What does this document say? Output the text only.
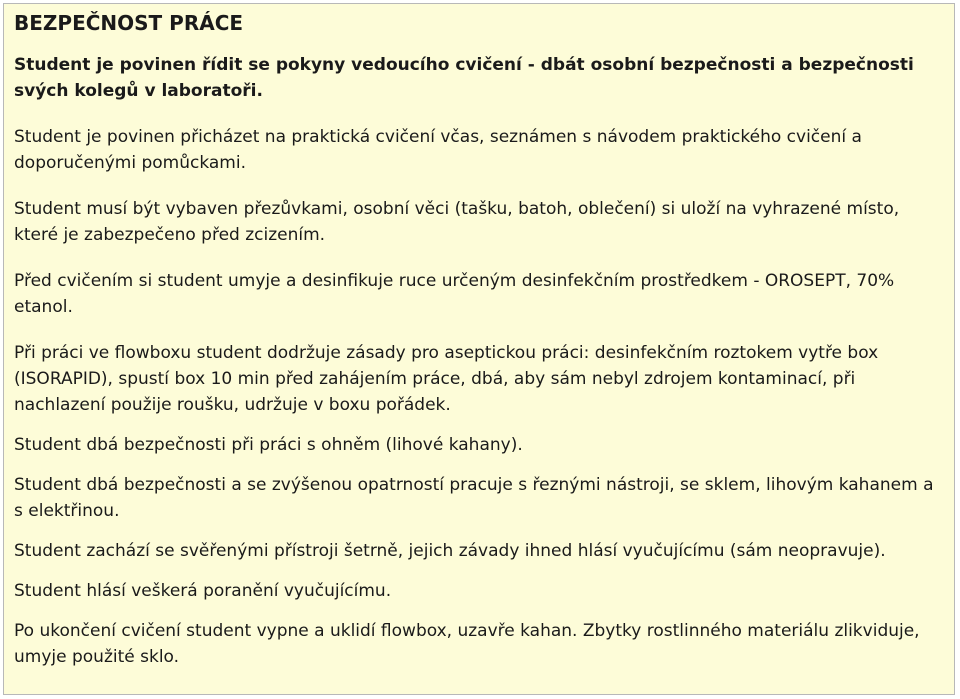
BEZPEČNOST PRÁCE
Student je povinen řídit se pokyny vedoucího cvičení - dbát osobní bezpečnosti a bezpečnosti svých kolegů v laboratoři.
Student je povinen přicházet na praktická cvičení včas, seznámen s návodem praktického cvičení a doporučenými pomůckami.
Student musí být vybaven přezůvkami, osobní věci (tašku, batoh, oblečení) si uloží na vyhrazené místo, které je zabezpečeno před zcizením.
Před cvičením si student umyje a desinfikuje ruce určeným desinfekčním prostředkem - OROSEPT, 70% etanol.
Při práci ve flowboxu student dodržuje zásady pro aseptickou práci: desinfekčním roztokem vytře box (ISORAPID), spustí box 10 min před zahájením práce, dbá, aby sám nebyl zdrojem kontaminací, při nachlazení použije roušku, udržuje v boxu pořádek.
Student dbá bezpečnosti při práci s ohněm (lihové kahany).
Student dbá bezpečnosti a se zvýšenou opatrností pracuje s řeznými nástroji, se sklem, lihovým kahanem a s elektřinou.
Student zachází se svěřenými přístroji šetrně, jejich závady ihned hlásí vyučujícímu (sám neopravuje).
Student hlásí veškerá poranění vyučujícímu.
Po ukončení cvičení student vypne a uklidí flowbox, uzavře kahan. Zbytky rostlinného materiálu zlikviduje, umyje použité sklo.
